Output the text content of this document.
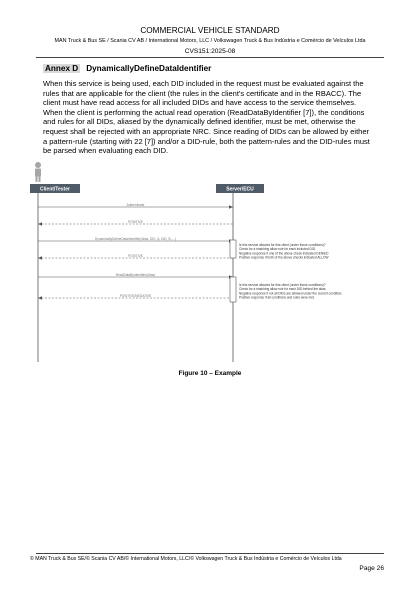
COMMERCIAL VEHICLE STANDARD
MAN Truck & Bus SE / Scania CV AB / International Motors, LLC / Volkswagen Truck & Bus Indústria e Comércio de Veículos Ltda
CVS151:2025-08
Annex D DynamicallyDefineDataIdentifier
When this service is being used, each DID included in the request must be evaluated against the rules that are applicable for the client (the rules in the client's certificate and in the RBACC). The client must have read access for all included DIDs and have access to the service themselves. When the client is performing the actual read operation (ReadDataByIdentifier [7]), the conditions and rules for all DIDs, aliased by the dynamically defined identifier, must be met, otherwise the request shall be rejected with an appropriate NRC. Since reading of DIDs can be allowed by either a pattern-rule (starting with 22 [7]) and/or a DID-rule, both the pattern-rules and the DID-rules must be parsed when evaluating each DID.
Client/Tester	Server/ECU
Authenticate
POSITIVE
DynamicallyDefineDataIdentifier(Alias, DID_A, DID_B, ...)
POSITIVE
ReadDataByIdentifier(Alias)
POSITIVE/NEGATIVE
Is this service allowed for this client (under those conditions)? Check for a matching allow rule for each included DID. Negative response if one of the above check indicated DENIED Positive response if both of the above checks indicated ALLOW
Is this service allowed for this client (under those conditions)? Check for a matching allow rule for each DID behind the alias. Negative response if not all DIDs are allowed under the current condition. Positive response if all conditions and rules were met.
Figure 10 – Example
© MAN Truck & Bus SE/© Scania CV AB/© International Motors, LLC/© Volkswagen Truck & Bus Indústria e Comércio de Veículos Ltda
Page 26
